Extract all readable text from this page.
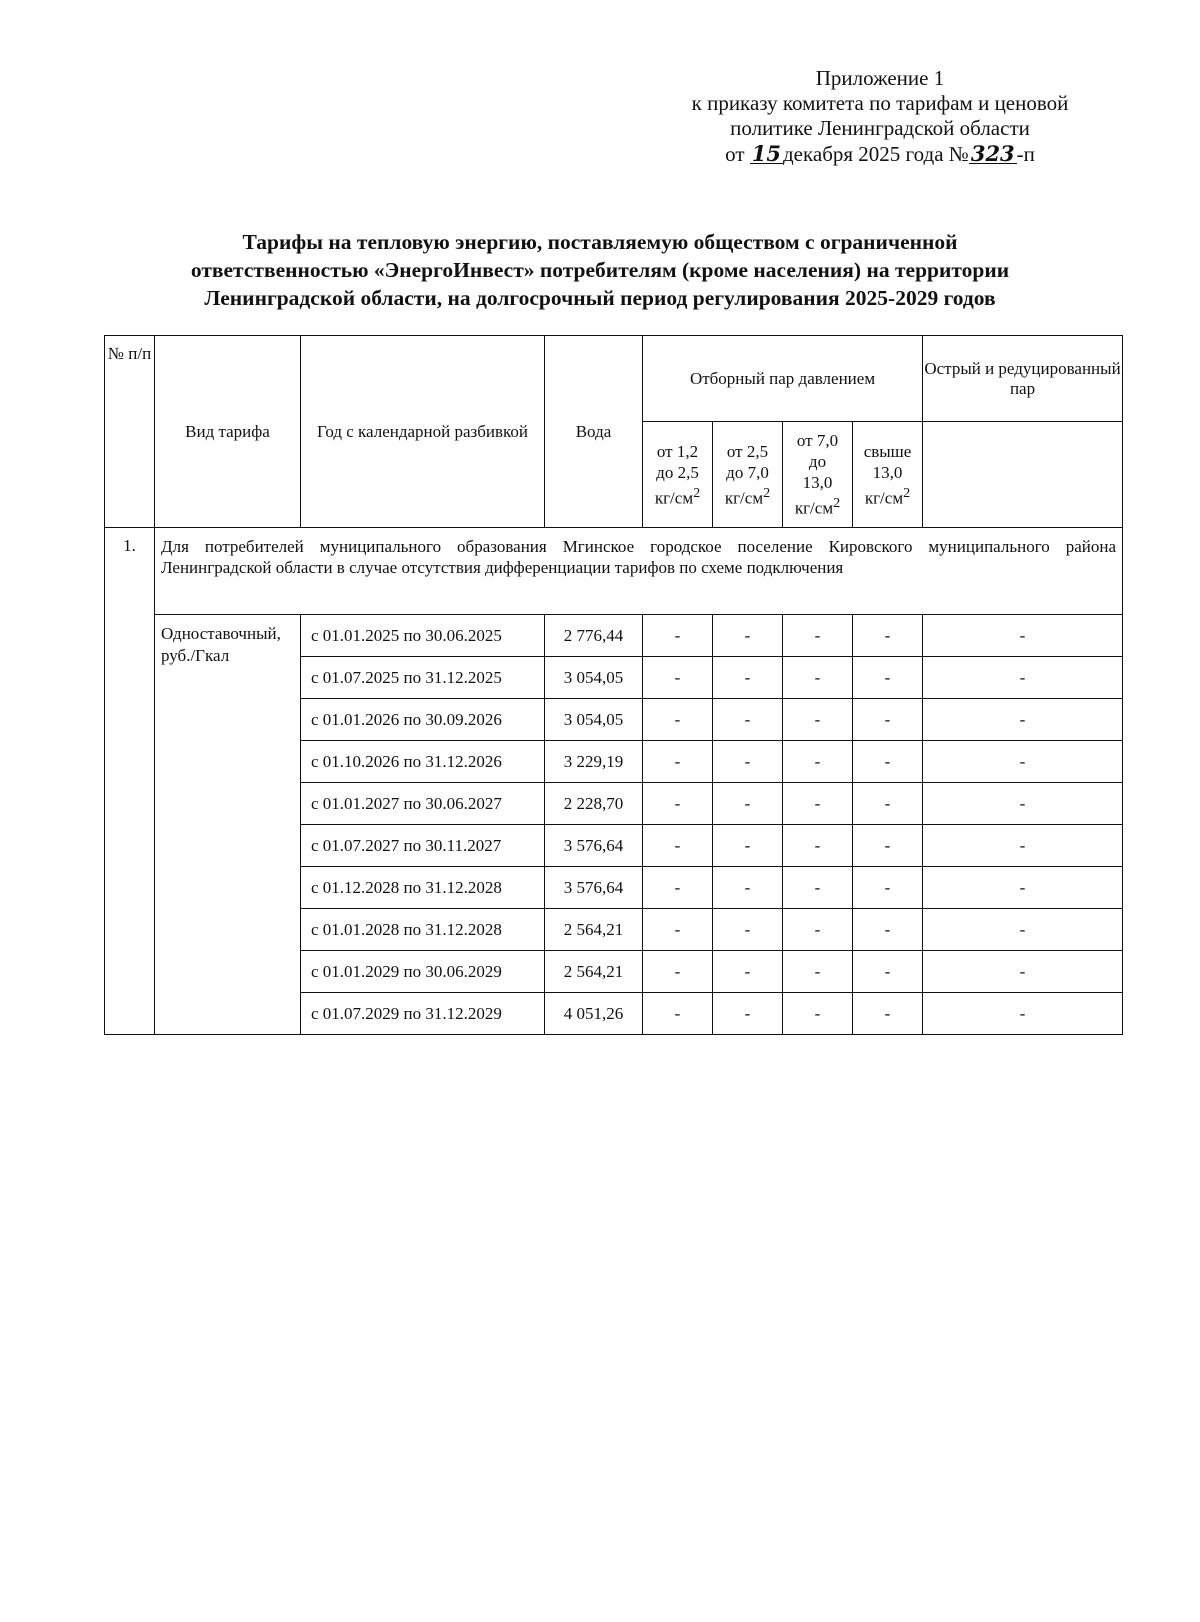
Приложение 1
к приказу комитета по тарифам и ценовой
политике Ленинградской области
от 15декабря 2025 года №323-п
Тарифы на тепловую энергию, поставляемую обществом с ограниченной
ответственностью «ЭнергоИнвест» потребителям (кроме населения) на территории
Ленинградской области, на долгосрочный период регулирования 2025-2029 годов
№ п/п	Вид тарифа	Год с календарной разбивкой	Вода	Отборный пар давлением				Острый и редуцированный пар
				от 1,2
до 2,5
$кг/см^2$	от 2,5
до 7,0
$кг/см^2$	от 7,0
до
13,0
$кг/см^2$	свыше
13,0
$кг/см^2$	
1.	Для потребителей муниципального образования Мгинское городское поселение Кировского муниципального района Ленинградской области в случае отсутствия дифференциации тарифов по схеме подключения							
	Одноставочный, руб./Гкал	с 01.01.2025 по 30.06.2025	2 776,44	-	-	-	-	-
		с 01.07.2025 по 31.12.2025	3 054,05	-	-	-	-	-
		с 01.01.2026 по 30.09.2026	3 054,05	-	-	-	-	-
		с 01.10.2026 по 31.12.2026	3 229,19	-	-	-	-	-
		с 01.01.2027 по 30.06.2027	2 228,70	-	-	-	-	-
		с 01.07.2027 по 30.11.2027	3 576,64	-	-	-	-	-
		с 01.12.2028 по 31.12.2028	3 576,64	-	-	-	-	-
		с 01.01.2028 по 31.12.2028	2 564,21	-	-	-	-	-
		с 01.01.2029 по 30.06.2029	2 564,21	-	-	-	-	-
		с 01.07.2029 по 31.12.2029	4 051,26	-	-	-	-	-
